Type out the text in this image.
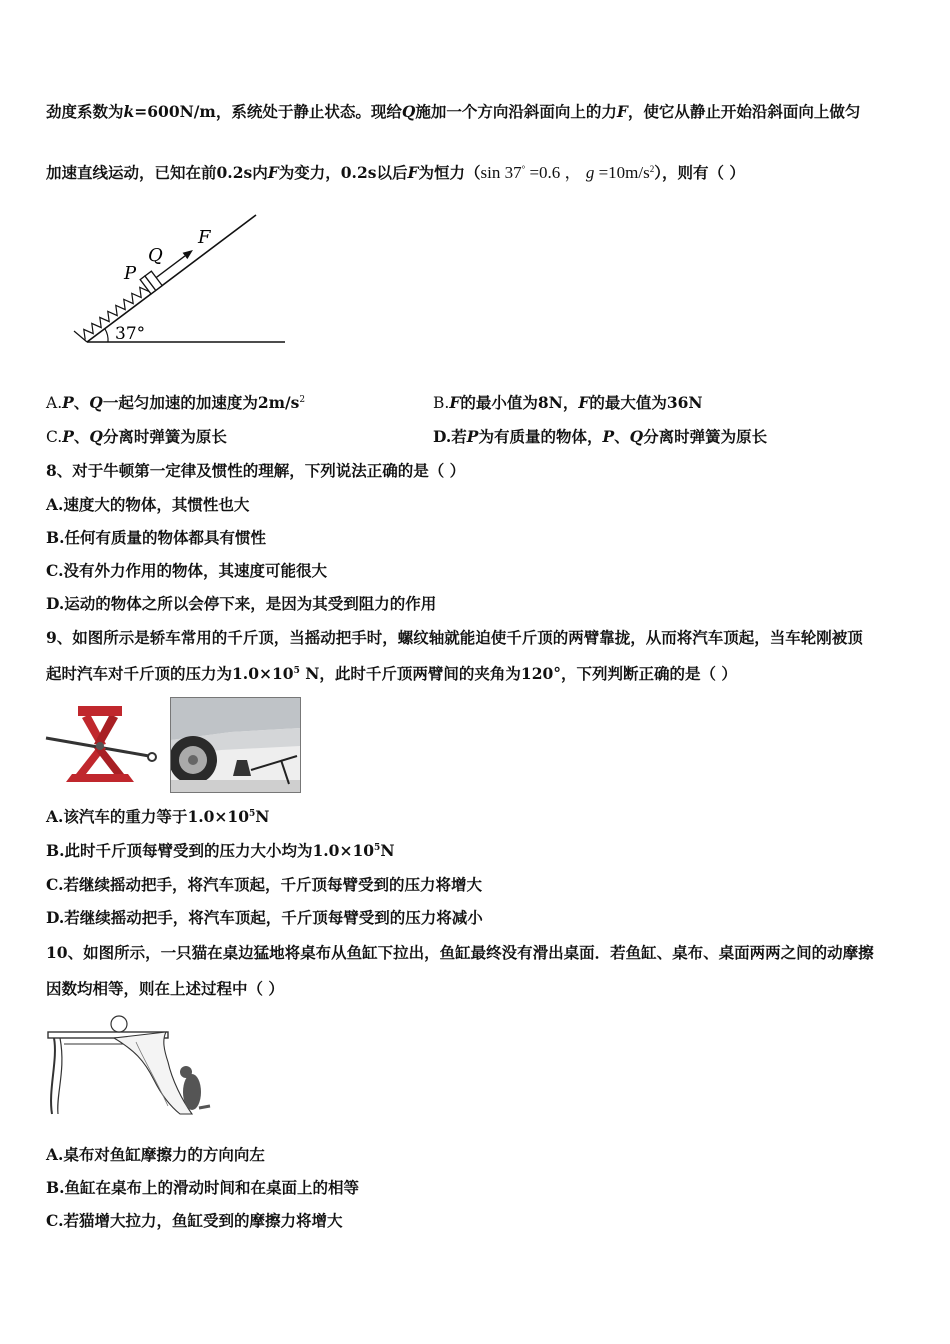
劲度系数为k=600N/m，系统处于静止状态。现给Q施加一个方向沿斜面向上的力F，使它从静止开始沿斜面向上做匀
加速直线运动，已知在前0.2s内F为变力，0.2s以后F为恒力（sin 37° =0.6 ， $g =10m/s^2$），则有（ ）
37°
P
Q
F
A.P、Q一起匀加速的加速度为$2m/s^2$	B.F的最小值为8N，F的最大值为36N
C.P、Q分离时弹簧为原长	D.若P为有质量的物体，P、Q分离时弹簧为原长
8、对于牛顿第一定律及惯性的理解，下列说法正确的是（ ）
A.速度大的物体，其惯性也大
B.任何有质量的物体都具有惯性
C.没有外力作用的物体，其速度可能很大
D.运动的物体之所以会停下来，是因为其受到阻力的作用
9、如图所示是轿车常用的千斤顶，当摇动把手时，螺纹轴就能迫使千斤顶的两臂靠拢，从而将汽车顶起，当车轮刚被顶
起时汽车对千斤顶的压力为$1.0\times 10^5$ N，此时千斤顶两臂间的夹角为120°，下列判断正确的是（ ）
A.该汽车的重力等于$1.0\times 10^5N$
B.此时千斤顶每臂受到的压力大小均为$1.0\times 10^5N$
C.若继续摇动把手，将汽车顶起，千斤顶每臂受到的压力将增大
D.若继续摇动把手，将汽车顶起，千斤顶每臂受到的压力将减小
10、如图所示，一只猫在桌边猛地将桌布从鱼缸下拉出，鱼缸最终没有滑出桌面．若鱼缸、桌布、桌面两两之间的动摩擦
因数均相等，则在上述过程中（ ）
A.桌布对鱼缸摩擦力的方向向左
B.鱼缸在桌布上的滑动时间和在桌面上的相等
C.若猫增大拉力，鱼缸受到的摩擦力将增大
